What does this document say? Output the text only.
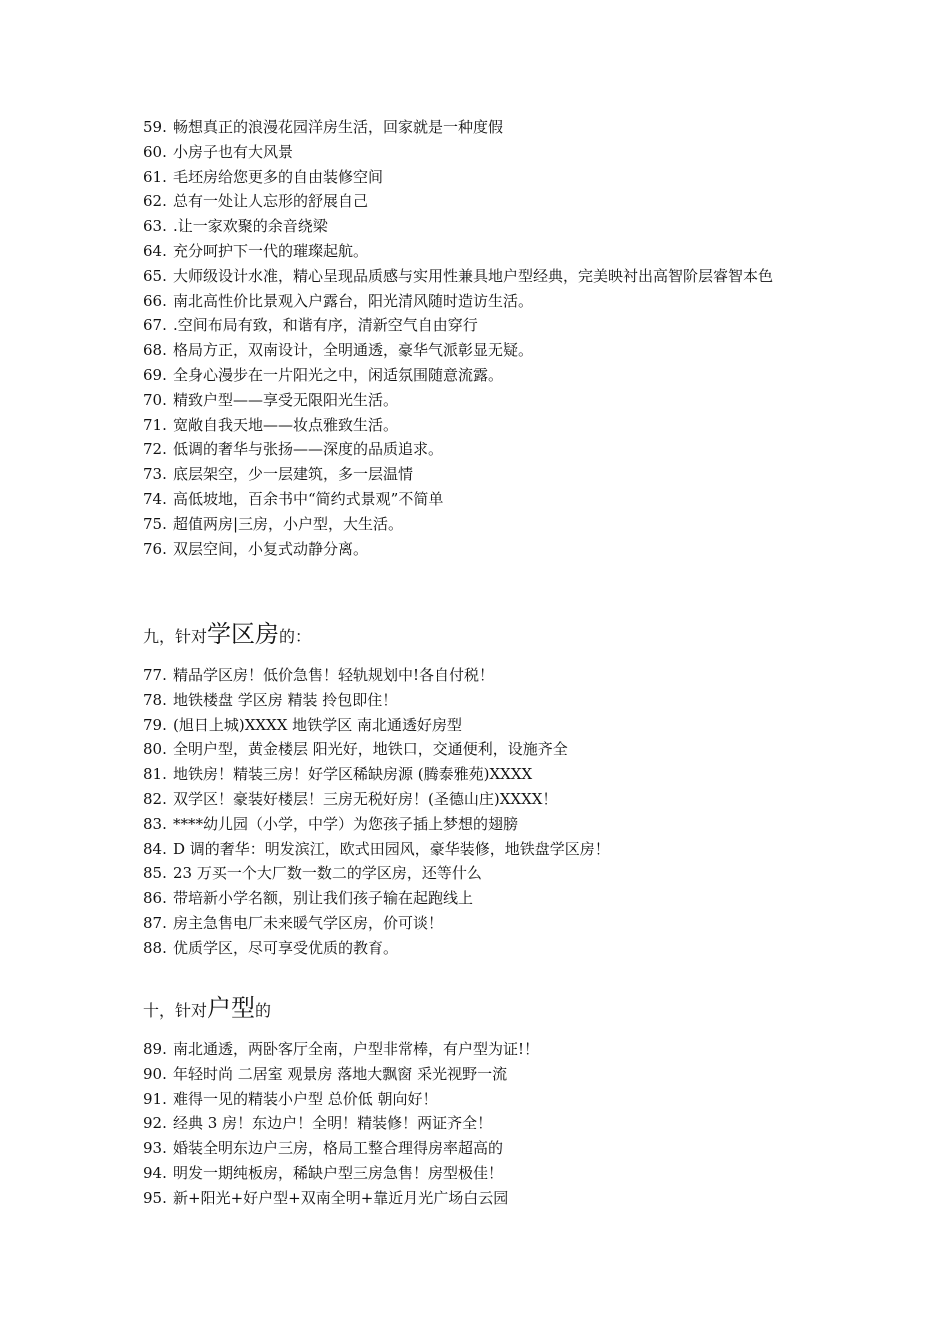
59. 畅想真正的浪漫花园洋房生活，回家就是一种度假
60. 小房子也有大风景
61. 毛坯房给您更多的自由装修空间
62. 总有一处让人忘形的舒展自己
63. .让一家欢聚的余音绕梁
64. 充分呵护下一代的璀璨起航。
65. 大师级设计水准，精心呈现品质感与实用性兼具地户型经典，完美映衬出高智阶层睿智本色
66. 南北高性价比景观入户露台，阳光清风随时造访生活。
67. .空间布局有致，和谐有序，清新空气自由穿行
68. 格局方正，双南设计，全明通透，豪华气派彰显无疑。
69. 全身心漫步在一片阳光之中，闲适氛围随意流露。
70. 精致户型——享受无限阳光生活。
71. 宽敞自我天地——妆点雅致生活。
72. 低调的奢华与张扬——深度的品质追求。
73. 底层架空，少一层建筑，多一层温情
74. 高低坡地，百余书中“简约式景观”不简单
75. 超值两房|三房，小户型，大生活。
76. 双层空间，小复式动静分离。
九，针对学区房的：
77. 精品学区房！低价急售！轻轨规划中!各自付税！
78. 地铁楼盘 学区房 精装 拎包即住！
79. (旭日上城)XXXX 地铁学区 南北通透好房型
80. 全明户型，黄金楼层 阳光好，地铁口，交通便利，设施齐全
81. 地铁房！精装三房！好学区稀缺房源 (腾泰雅苑)XXXX
82. 双学区！豪装好楼层！三房无税好房！(圣德山庄)XXXX！
83. ****幼儿园（小学，中学）为您孩子插上梦想的翅膀
84. D 调的奢华：明发滨江，欧式田园风，豪华装修，地铁盘学区房！
85. 23 万买一个大厂数一数二的学区房，还等什么
86. 带培新小学名额，别让我们孩子输在起跑线上
87. 房主急售电厂未来暖气学区房，价可谈！
88. 优质学区，尽可享受优质的教育。
十，针对户型的
89. 南北通透，两卧客厅全南，户型非常棒，有户型为证!！
90. 年轻时尚 二居室 观景房 落地大飘窗 采光视野一流
91. 难得一见的精装小户型 总价低 朝向好！
92. 经典 3 房！东边户！全明！精装修！两证齐全！
93. 婚装全明东边户三房，格局工整合理得房率超高的
94. 明发一期纯板房，稀缺户型三房急售！房型极佳！
95. 新+阳光+好户型+双南全明+靠近月光广场白云园
